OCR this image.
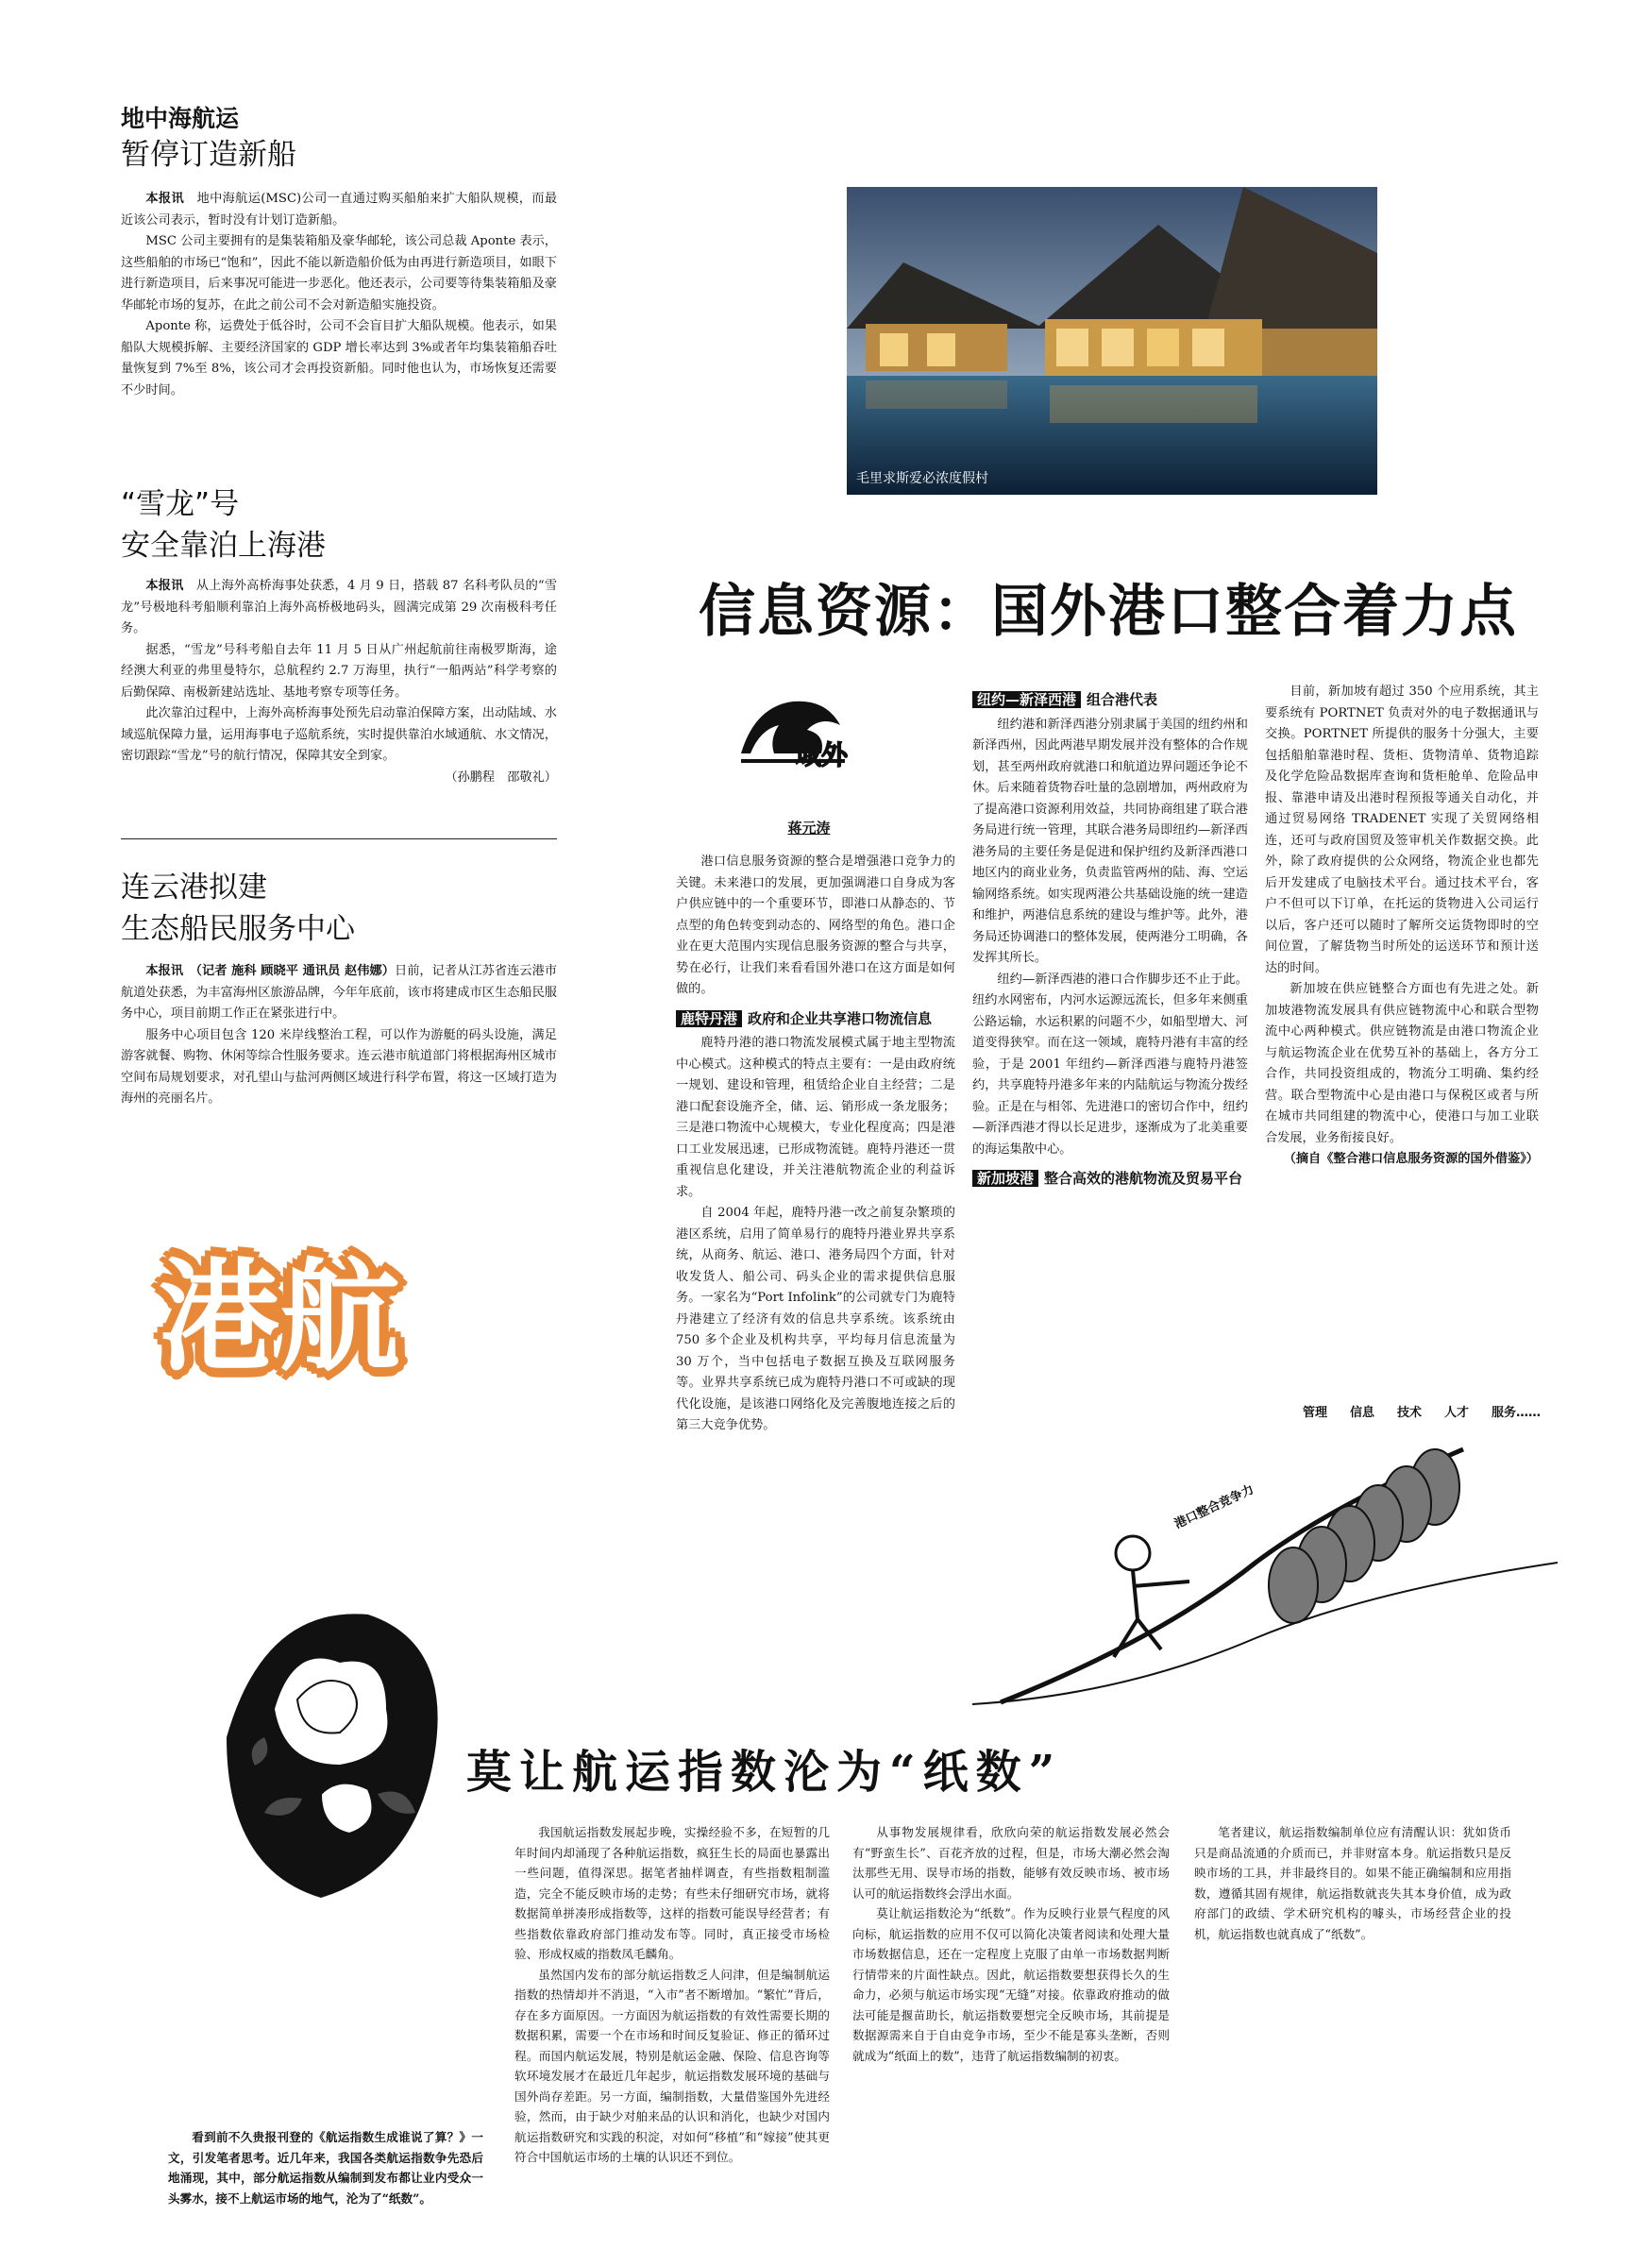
地中海航运
暂停订造新船

本报讯　 地中海航运(MSC)公司一直通过购买船舶来扩大船队规模，而最近该公司表示，暂时没有计划订造新船。

MSC 公司主要拥有的是集装箱船及豪华邮轮，该公司总裁 Aponte 表示，这些船舶的市场已“饱和”，因此不能以新造船价低为由再进行新造项目，如眼下进行新造项目，后来事况可能进一步恶化。他还表示，公司要等待集装箱船及豪华邮轮市场的复苏，在此之前公司不会对新造船实施投资。

Aponte 称，运费处于低谷时，公司不会盲目扩大船队规模。他表示，如果船队大规模拆解、主要经济国家的 GDP 增长率达到 3%或者年均集装箱船吞吐量恢复到 7%至 8%，该公司才会再投资新船。同时他也认为，市场恢复还需要不少时间。

“雪龙”号
安全靠泊上海港

本报讯　 从上海外高桥海事处获悉，4 月 9 日，搭载 87 名科考队员的“雪龙”号极地科考船顺利靠泊上海外高桥极地码头，圆满完成第 29 次南极科考任务。

据悉，“雪龙”号科考船自去年 11 月 5 日从广州起航前往南极罗斯海，途经澳大利亚的弗里曼特尔，总航程约 2.7 万海里，执行“一船两站”科学考察的后勤保障、南极新建站选址、基地考察专项等任务。

此次靠泊过程中，上海外高桥海事处预先启动靠泊保障方案，出动陆域、水域巡航保障力量，运用海事电子巡航系统，实时提供靠泊水域通航、水文情况，密切跟踪“雪龙”号的航行情况，保障其安全到家。

（孙鹏程　邵敬礼）
连云港拟建
生态船民服务中心

本报讯　 （记者 施科 顾晓平 通讯员 赵伟娜）日前，记者从江苏省连云港市航道处获悉，为丰富海州区旅游品牌，今年年底前，该市将建成市区生态船民服务中心，项目前期工作正在紧张进行中。

服务中心项目包含 120 米岸线整治工程，可以作为游艇的码头设施，满足游客就餐、购物、休闲等综合性服务要求。连云港市航道部门将根据海州区城市空间布局规划要求，对孔望山与盐河两侧区域进行科学布置，将这一区域打造为海州的亮丽名片。

港航
毛里求斯爱必浓度假村
信息资源：国外港口整合着力点
域外
蒋元涛

港口信息服务资源的整合是增强港口竞争力的关键。未来港口的发展，更加强调港口自身成为客户供应链中的一个重要环节，即港口从静态的、节点型的角色转变到动态的、网络型的角色。港口企业在更大范围内实现信息服务资源的整合与共享，势在必行，让我们来看看国外港口在这方面是如何做的。

鹿特丹港 政府和企业共享港口物流信息

鹿特丹港的港口物流发展模式属于地主型物流中心模式。这种模式的特点主要有：一是由政府统一规划、建设和管理，租赁给企业自主经营；二是港口配套设施齐全，储、运、销形成一条龙服务；三是港口物流中心规模大，专业化程度高；四是港口工业发展迅速，已形成物流链。鹿特丹港还一贯重视信息化建设，并关注港航物流企业的利益诉求。

自 2004 年起，鹿特丹港一改之前复杂繁琐的港区系统，启用了简单易行的鹿特丹港业界共享系统，从商务、航运、港口、港务局四个方面，针对收发货人、船公司、码头企业的需求提供信息服务。一家名为“Port Infolink”的公司就专门为鹿特丹港建立了经济有效的信息共享系统。该系统由 750 多个企业及机构共享，平均每月信息流量为 30 万个，当中包括电子数据互换及互联网服务等。业界共享系统已成为鹿特丹港口不可或缺的现代化设施，是该港口网络化及完善腹地连接之后的第三大竞争优势。

纽约—新泽西港 组合港代表

纽约港和新泽西港分别隶属于美国的纽约州和新泽西州，因此两港早期发展并没有整体的合作规划，甚至两州政府就港口和航道边界问题还争论不休。后来随着货物吞吐量的急剧增加，两州政府为了提高港口资源利用效益，共同协商组建了联合港务局进行统一管理，其联合港务局即纽约—新泽西港务局的主要任务是促进和保护纽约及新泽西港口地区内的商业业务，负责监管两州的陆、海、空运输网络系统。如实现两港公共基础设施的统一建造和维护，两港信息系统的建设与维护等。此外，港务局还协调港口的整体发展，使两港分工明确，各发挥其所长。

纽约—新泽西港的港口合作脚步还不止于此。纽约水网密布，内河水运源远流长，但多年来侧重公路运输，水运积累的问题不少，如船型增大、河道变得狭窄。而在这一领域，鹿特丹港有丰富的经验，于是 2001 年纽约—新泽西港与鹿特丹港签约，共享鹿特丹港多年来的内陆航运与物流分拨经验。正是在与相邻、先进港口的密切合作中，纽约—新泽西港才得以长足进步，逐渐成为了北美重要的海运集散中心。

新加坡港 整合高效的港航物流及贸易平台

目前，新加坡有超过 350 个应用系统，其主要系统有 PORTNET 负责对外的电子数据通讯与交换。PORTNET 所提供的服务十分强大，主要包括船舶靠港时程、货柜、货物清单、货物追踪及化学危险品数据库查询和货柜舱单、危险品申报、靠港申请及出港时程预报等通关自动化，并通过贸易网络 TRADENET 实现了关贸网络相连，还可与政府国贸及签审机关作数据交换。此外，除了政府提供的公众网络，物流企业也都先后开发建成了电脑技术平台。通过技术平台，客户不但可以下订单，在托运的货物进入公司运行以后，客户还可以随时了解所交运货物即时的空间位置，了解货物当时所处的运送环节和预计送达的时间。

新加坡在供应链整合方面也有先进之处。新加坡港物流发展具有供应链物流中心和联合型物流中心两种模式。供应链物流是由港口物流企业与航运物流企业在优势互补的基础上，各方分工合作，共同投资组成的，物流分工明确、集约经营。联合型物流中心是由港口与保税区或者与所在城市共同组建的物流中心，使港口与加工业联合发展，业务衔接良好。

（摘自《整合港口信息服务资源的国外借鉴》）
港口整合竞争力
管理 信息 技术 人才 服务……
莫让航运指数沦为“纸数”

看到前不久贵报刊登的《航运指数生成谁说了算？》一文，引发笔者思考。近几年来，我国各类航运指数争先恐后地涌现，其中，部分航运指数从编制到发布都让业内受众一头雾水，接不上航运市场的地气，沦为了“纸数”。

我国航运指数发展起步晚，实操经验不多，在短暂的几年时间内却涌现了各种航运指数，疯狂生长的局面也暴露出一些问题，值得深思。据笔者抽样调查，有些指数粗制滥造，完全不能反映市场的走势；有些未仔细研究市场，就将数据简单拼凑形成指数等，这样的指数可能误导经营者；有些指数依靠政府部门推动发布等。同时，真正接受市场检验、形成权威的指数凤毛麟角。

虽然国内发布的部分航运指数乏人问津，但是编制航运指数的热情却并不消退，“入市”者不断增加。“繁忙”背后，存在多方面原因。一方面因为航运指数的有效性需要长期的数据积累，需要一个在市场和时间反复验证、修正的循环过程。而国内航运发展，特别是航运金融、保险、信息咨询等软环境发展才在最近几年起步，航运指数发展环境的基础与国外尚存差距。另一方面，编制指数，大量借鉴国外先进经验，然而，由于缺少对舶来品的认识和消化，也缺少对国内航运指数研究和实践的积淀，对如何“移植”和“嫁接”使其更符合中国航运市场的土壤的认识还不到位。

从事物发展规律看，欣欣向荣的航运指数发展必然会有“野蛮生长”、百花齐放的过程，但是，市场大潮必然会淘汰那些无用、误导市场的指数，能够有效反映市场、被市场认可的航运指数终会浮出水面。

莫让航运指数沦为“纸数”。作为反映行业景气程度的风向标，航运指数的应用不仅可以简化决策者阅读和处理大量市场数据信息，还在一定程度上克服了由单一市场数据判断行情带来的片面性缺点。因此，航运指数要想获得长久的生命力，必须与航运市场实现“无缝”对接。依靠政府推动的做法可能是揠苗助长，航运指数要想完全反映市场，其前提是数据源需来自于自由竞争市场，至少不能是寡头垄断，否则就成为“纸面上的数”，违背了航运指数编制的初衷。

笔者建议，航运指数编制单位应有清醒认识：犹如货币只是商品流通的介质而已，并非财富本身。航运指数只是反映市场的工具，并非最终目的。如果不能正确编制和应用指数，遵循其固有规律，航运指数就丧失其本身价值，成为政府部门的政绩、学术研究机构的噱头，市场经营企业的投机，航运指数也就真成了“纸数”。
